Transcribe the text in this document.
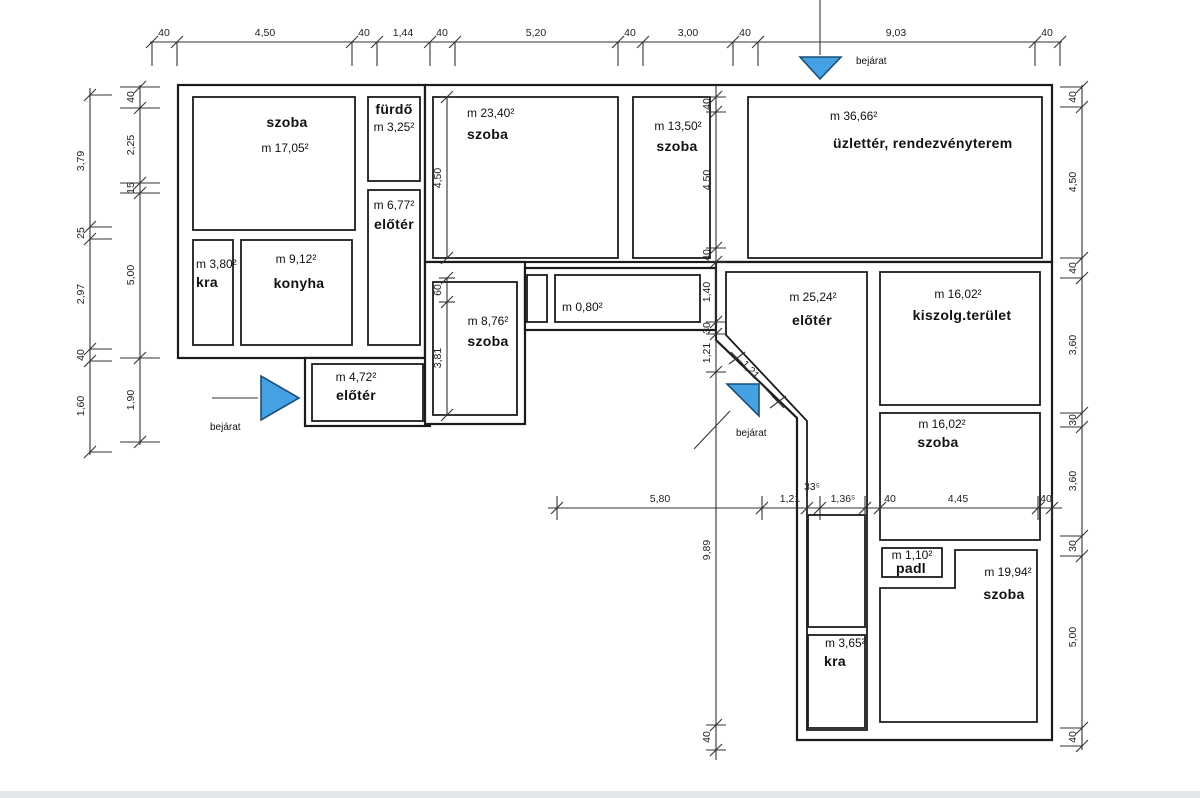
szoba
m 17,05²
fürdő
m 3,25²
m 6,77²
előtér
m 3,80²
kra
m 9,12²
konyha
m 4,72²
előtér
m 23,40²
szoba	m 13,50²
szoba
m 36,66²
üzlettér, rendezvényterem
m 8,76²
szoba
m 0,80²
m 25,24²
előtér
m 16,02²
kiszolg.terület
m 16,02²
szoba
m 1,10²
padl	m 19,94²
szoba
m 3,65²
kra
bejárat
bejárat
bejárat
1,21
40	4,50	40 1,44 40	5,20	40	3,00	40	9,03	40
3,79
25
2,97
40
1,60
40
2,25
15
5,00
1,90
40
4,50
40
3,60
30
3,60
30
5,00
40
5,80	1,21
33⁵
1,36⁵	40	4,45	40
40
4,50
40
1,40
30
1,21
9,89
40
4,50
60
3,81
